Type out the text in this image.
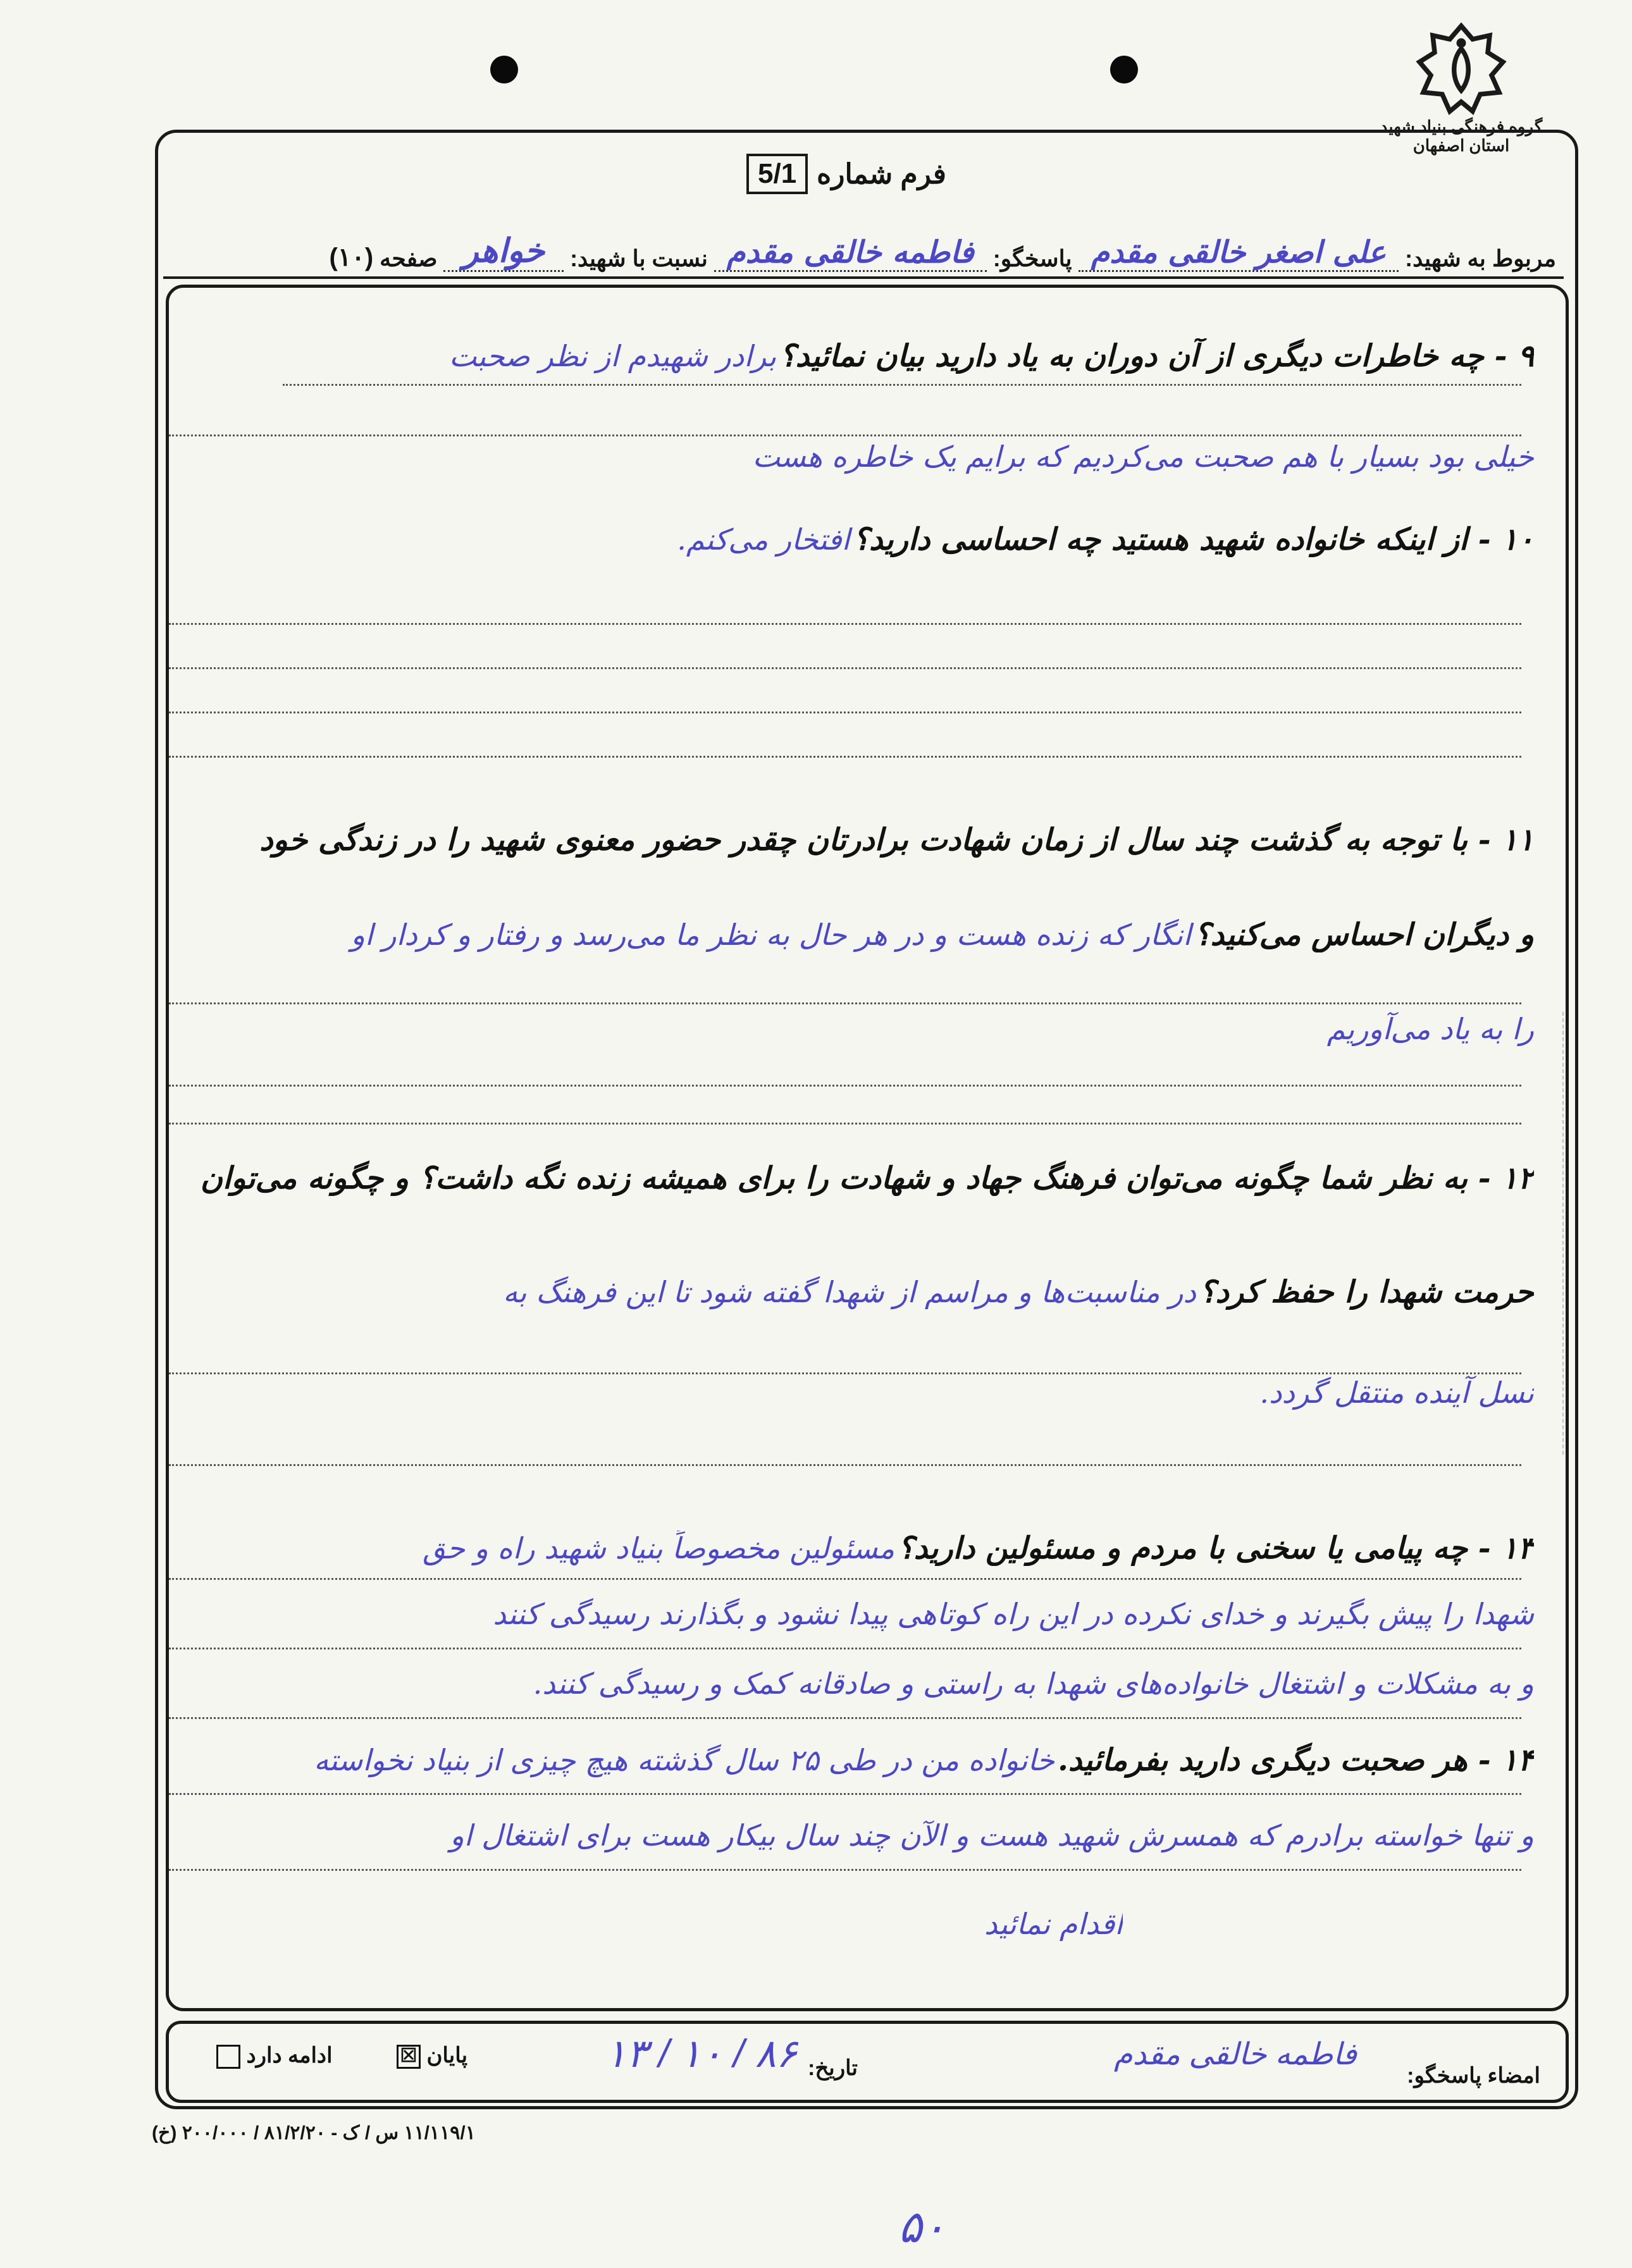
گروه فرهنگی بنیاد شهید
استان اصفهان
فرم شماره
5/1
مربوط به شهید:
علی اصغر خالقی مقدم
پاسخگو:
فاطمه خالقی مقدم
نسبت با شهید:
خواهر
صفحه
(۱۰)
۹ - چه خاطرات دیگری از آن دوران به یاد دارید بیان نمائید؟ برادر شهیدم از نظر صحبت
خیلی بود بسیار با هم صحبت می‌کردیم که برایم یک خاطره هست
۱۰ - از اینکه خانواده شهید هستید چه احساسی دارید؟ افتخار می‌کنم.
۱۱ - با توجه به گذشت چند سال از زمان شهادت برادرتان چقدر حضور معنوی شهید را در زندگی خود
و دیگران احساس می‌کنید؟ انگار که زنده هست و در هر حال به نظر ما می‌رسد و رفتار و کردار او
را به یاد می‌آوریم
۱۲ - به نظر شما چگونه می‌توان فرهنگ جهاد و شهادت را برای همیشه زنده نگه داشت؟ و چگونه می‌توان
حرمت شهدا را حفظ کرد؟ در مناسبت‌ها و مراسم از شهدا گفته شود تا این فرهنگ به
نسل آینده منتقل گردد.
۱۳ - چه پیامی یا سخنی با مردم و مسئولین دارید؟ مسئولین مخصوصاً بنیاد شهید راه و حق
شهدا را پیش بگیرند و خدای نکرده در این راه کوتاهی پیدا نشود و بگذارند رسیدگی کنند
و به مشکلات و اشتغال خانواده‌های شهدا به راستی و صادقانه کمک و رسیدگی کنند.
۱۴ - هر صحبت دیگری دارید بفرمائید. خانواده من در طی ۲۵ سال گذشته هیچ چیزی از بنیاد نخواسته
و تنها خواسته برادرم که همسرش شهید هست و الآن چند سال بیکار هست برای اشتغال او
اقدام نمائید
امضاء پاسخگو:
فاطمه خالقی مقدم
تاریخ:
۸۶ / ۱۰ / ۱۳
پایان ☒
ادامه دارد
۱۱/۱۱۹/۱ س / ک - ۸۱/۲/۲۰ / ۲۰۰/۰۰۰ (خ)
۵۰
